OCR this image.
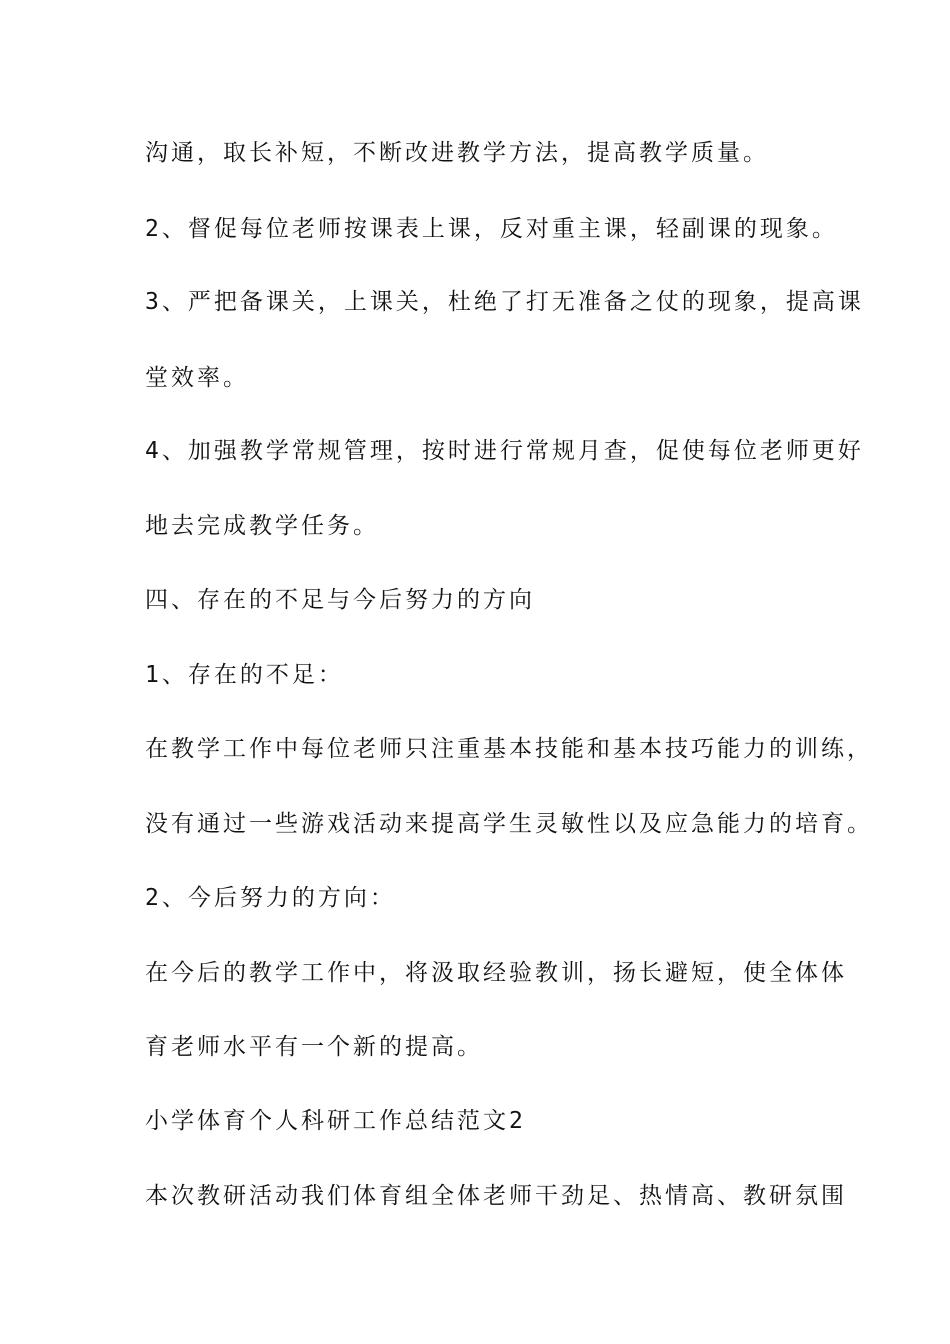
沟通，取长补短，不断改进教学方法，提高教学质量。
2、督促每位老师按课表上课，反对重主课，轻副课的现象。
3、严把备课关，上课关，杜绝了打无准备之仗的现象，提高课
堂效率。
4、加强教学常规管理，按时进行常规月查，促使每位老师更好
地去完成教学任务。
四、存在的不足与今后努力的方向
1、存在的不足：
在教学工作中每位老师只注重基本技能和基本技巧能力的训练，
没有通过一些游戏活动来提高学生灵敏性以及应急能力的培育。
2、今后努力的方向：
在今后的教学工作中，将汲取经验教训，扬长避短，使全体体
育老师水平有一个新的提高。
小学体育个人科研工作总结范文2
本次教研活动我们体育组全体老师干劲足、热情高、教研氛围
